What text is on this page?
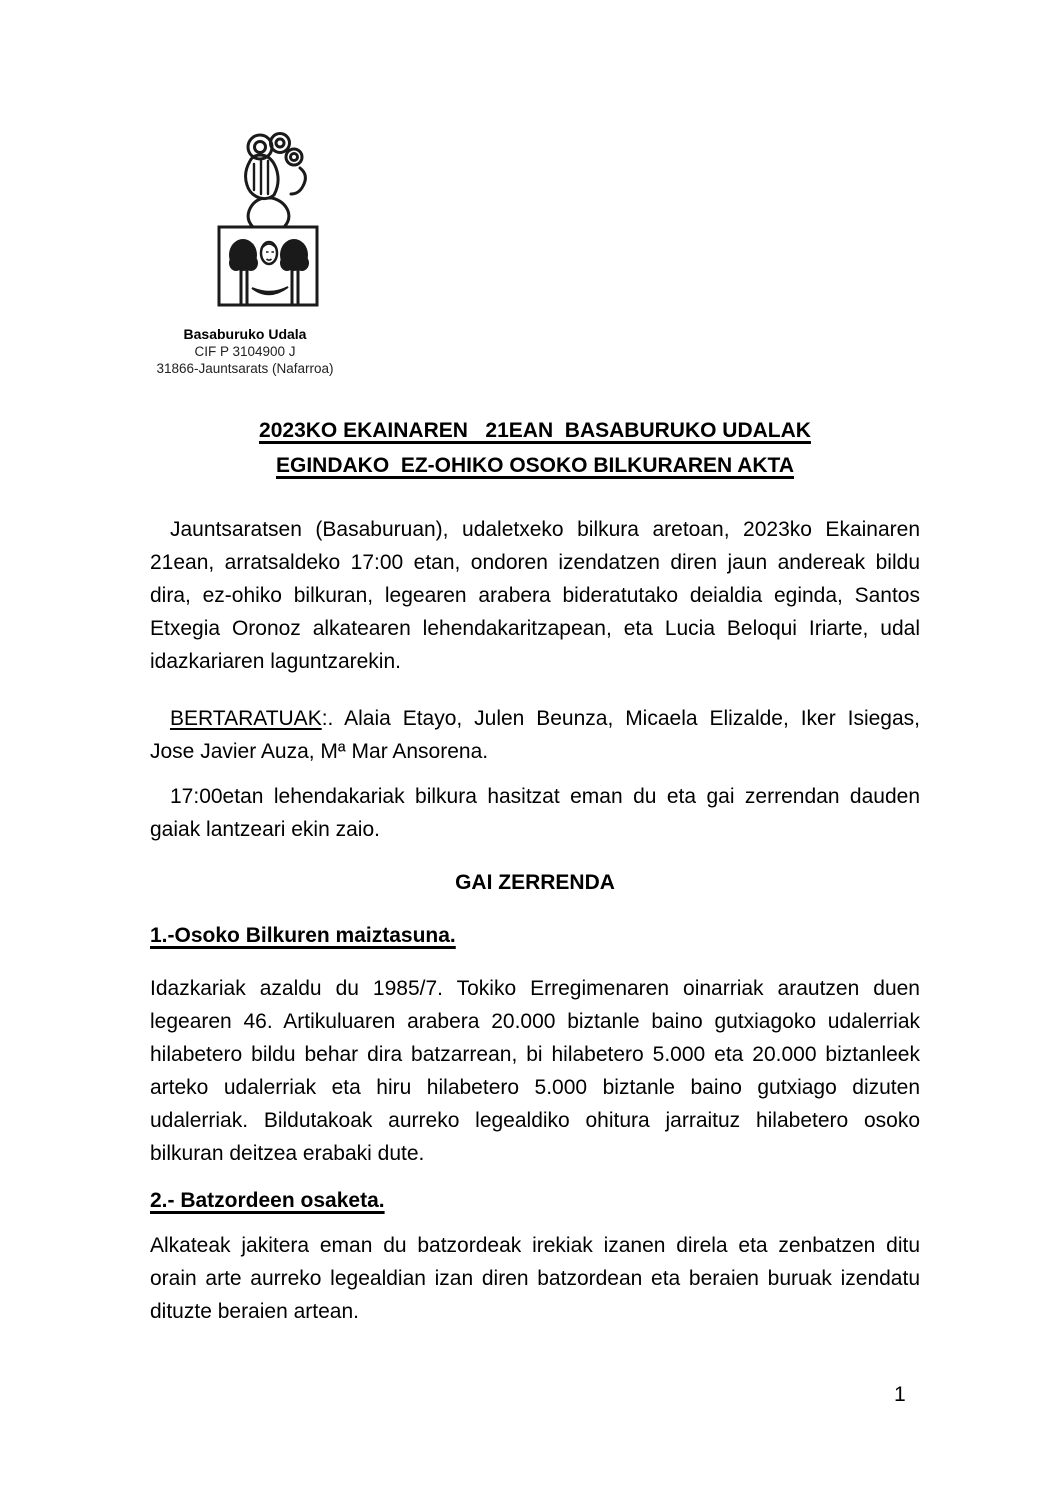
Basaburuko Udala
CIF P 3104900 J
31866-Jauntsarats (Nafarroa)
2023KO EKAINAREN   21EAN  BASABURUKO UDALAK
EGINDAKO  EZ-OHIKO OSOKO BILKURAREN AKTA

Jauntsaratsen (Basaburuan), udaletxeko bilkura aretoan, 2023ko Ekainaren 21ean, arratsaldeko 17:00 etan, ondoren izendatzen diren jaun andereak bildu dira, ez-ohiko bilkuran, legearen arabera bideratutako deialdia eginda, Santos Etxegia Oronoz alkatearen lehendakaritzapean, eta Lucia Beloqui Iriarte, udal idazkariaren laguntzarekin.

BERTARATUAK:. Alaia Etayo, Julen Beunza, Micaela Elizalde, Iker Isiegas, Jose Javier Auza, Mª Mar Ansorena.

17:00etan lehendakariak bilkura hasitzat eman du eta gai zerrendan dauden gaiak lantzeari ekin zaio.

GAI ZERRENDA
1.-Osoko Bilkuren maiztasuna.

Idazkariak azaldu du 1985/7. Tokiko Erregimenaren oinarriak arautzen duen legearen 46. Artikuluaren arabera 20.000 biztanle baino gutxiagoko udalerriak hilabetero bildu behar dira batzarrean, bi hilabetero 5.000 eta 20.000 biztanleek arteko udalerriak eta hiru hilabetero 5.000 biztanle baino gutxiago dizuten udalerriak. Bildutakoak aurreko legealdiko ohitura jarraituz hilabetero osoko bilkuran deitzea erabaki dute.

2.- Batzordeen osaketa.

Alkateak jakitera eman du batzordeak irekiak izanen direla eta zenbatzen ditu orain arte aurreko legealdian izan diren batzordean eta beraien buruak izendatu dituzte beraien artean.

1
